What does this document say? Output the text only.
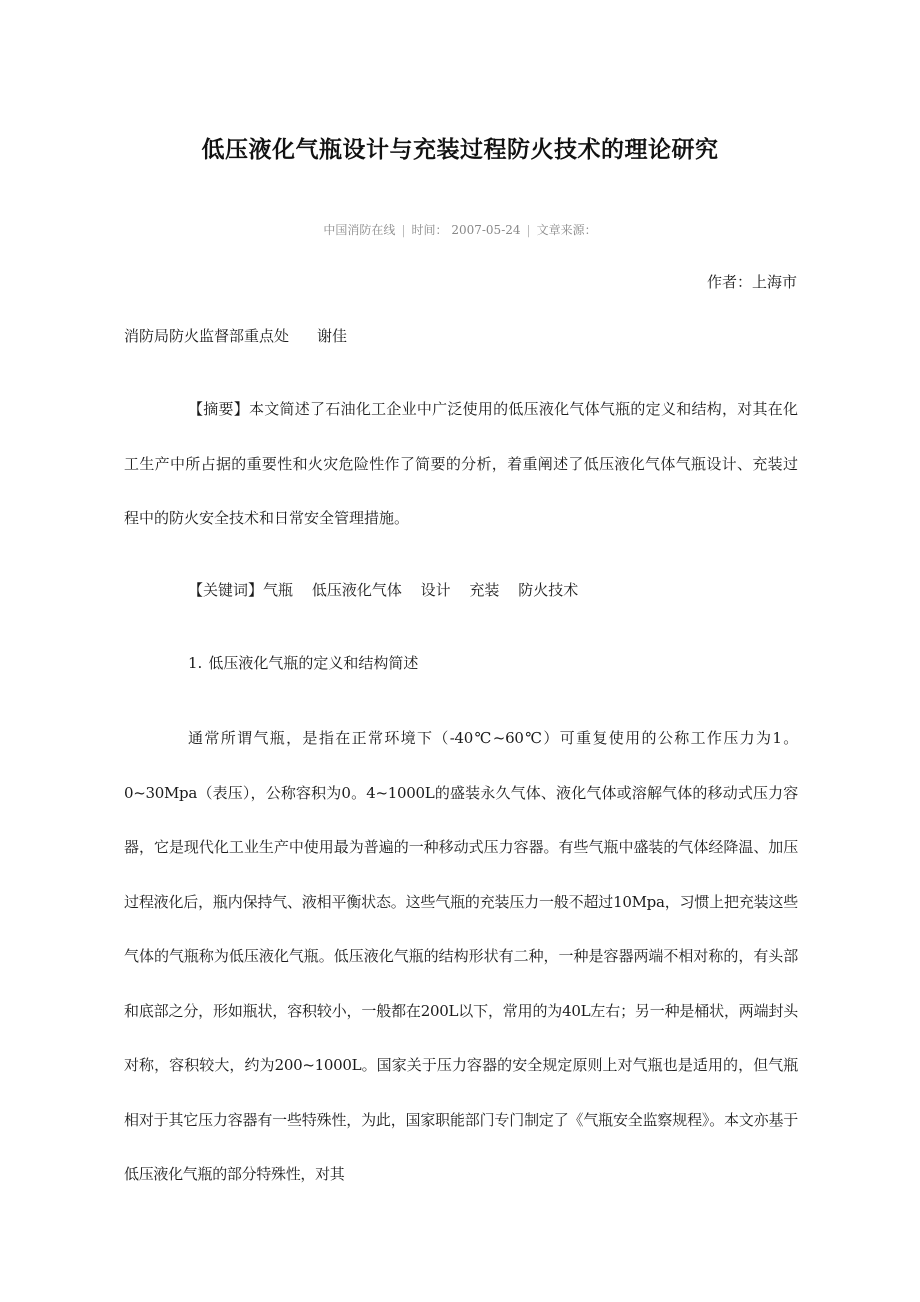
低压液化气瓶设计与充装过程防火技术的理论研究
中国消防在线 | 时间： 2007-05-24 | 文章来源：
作者：上海市
消防局防火监督部重点处 谢佳

【摘要】本文简述了石油化工企业中广泛使用的低压液化气体气瓶的定义和结构，对其在化工生产中所占据的重要性和火灾危险性作了简要的分析，着重阐述了低压液化气体气瓶设计、充装过程中的防火安全技术和日常安全管理措施。

【关键词】气瓶 低压液化气体 设计 充装 防火技术
1. 低压液化气瓶的定义和结构简述

通常所谓气瓶，是指在正常环境下（-40℃~60℃）可重复使用的公称工作压力为1。0~30Mpa（表压），公称容积为0。4~1000L的盛装永久气体、液化气体或溶解气体的移动式压力容器，它是现代化工业生产中使用最为普遍的一种移动式压力容器。有些气瓶中盛装的气体经降温、加压过程液化后，瓶内保持气、液相平衡状态。这些气瓶的充装压力一般不超过10Mpa，习惯上把充装这些气体的气瓶称为低压液化气瓶。低压液化气瓶的结构形状有二种，一种是容器两端不相对称的，有头部和底部之分，形如瓶状，容积较小，一般都在200L以下，常用的为40L左右；另一种是桶状，两端封头对称，容积较大，约为200~1000L。国家关于压力容器的安全规定原则上对气瓶也是适用的，但气瓶相对于其它压力容器有一些特殊性，为此，国家职能部门专门制定了《气瓶安全监察规程》。本文亦基于低压液化气瓶的部分特殊性，对其
